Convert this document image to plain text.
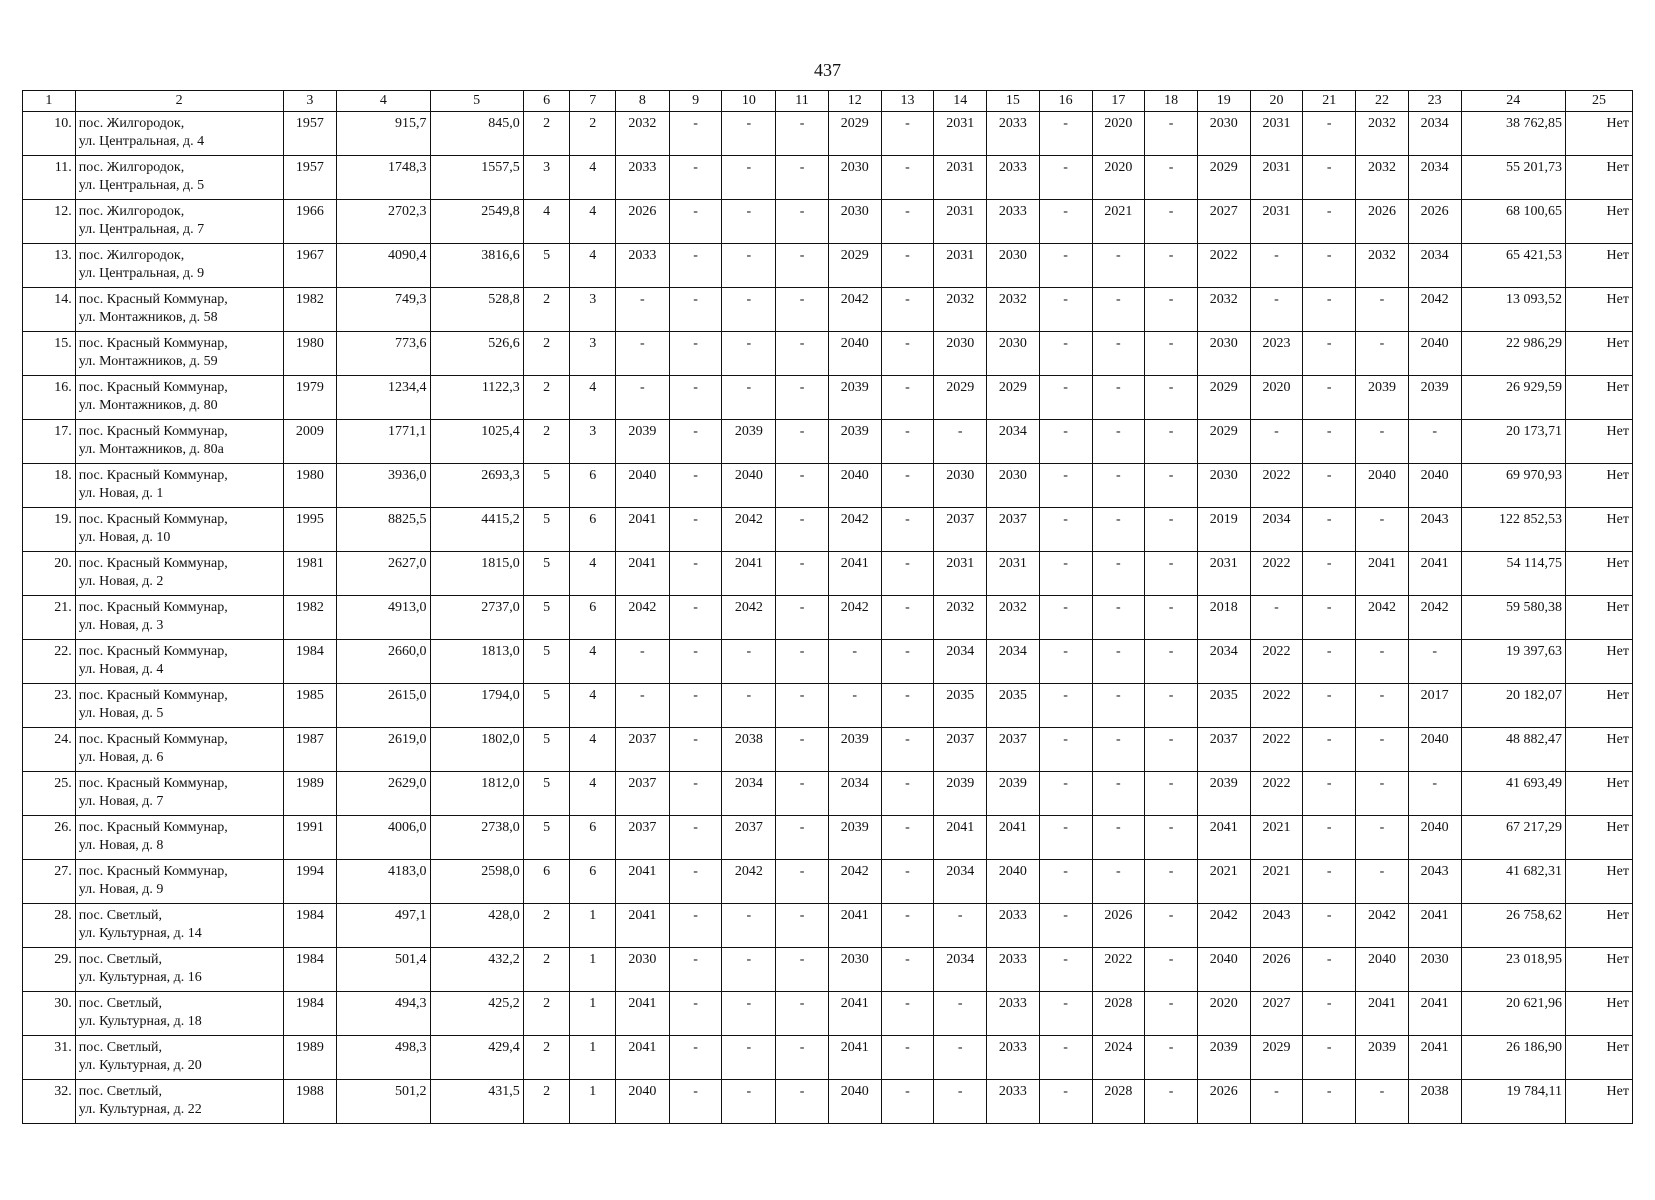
437
1	2	3	4	5	6	7	8	9	10	11	12	13	14	15	16	17	18	19	20	21	22	23	24	25
10.	пос. Жилгородок,
ул. Центральная, д. 4	1957	915,7	845,0	2	2	2032	-	-	-	2029	-	2031	2033	-	2020	-	2030	2031	-	2032	2034	38 762,85	Нет
11.	пос. Жилгородок,
ул. Центральная, д. 5	1957	1748,3	1557,5	3	4	2033	-	-	-	2030	-	2031	2033	-	2020	-	2029	2031	-	2032	2034	55 201,73	Нет
12.	пос. Жилгородок,
ул. Центральная, д. 7	1966	2702,3	2549,8	4	4	2026	-	-	-	2030	-	2031	2033	-	2021	-	2027	2031	-	2026	2026	68 100,65	Нет
13.	пос. Жилгородок,
ул. Центральная, д. 9	1967	4090,4	3816,6	5	4	2033	-	-	-	2029	-	2031	2030	-	-	-	2022	-	-	2032	2034	65 421,53	Нет
14.	пос. Красный Коммунар,
ул. Монтажников, д. 58	1982	749,3	528,8	2	3	-	-	-	-	2042	-	2032	2032	-	-	-	2032	-	-	-	2042	13 093,52	Нет
15.	пос. Красный Коммунар,
ул. Монтажников, д. 59	1980	773,6	526,6	2	3	-	-	-	-	2040	-	2030	2030	-	-	-	2030	2023	-	-	2040	22 986,29	Нет
16.	пос. Красный Коммунар,
ул. Монтажников, д. 80	1979	1234,4	1122,3	2	4	-	-	-	-	2039	-	2029	2029	-	-	-	2029	2020	-	2039	2039	26 929,59	Нет
17.	пос. Красный Коммунар,
ул. Монтажников, д. 80а	2009	1771,1	1025,4	2	3	2039	-	2039	-	2039	-	-	2034	-	-	-	2029	-	-	-	-	20 173,71	Нет
18.	пос. Красный Коммунар,
ул. Новая, д. 1	1980	3936,0	2693,3	5	6	2040	-	2040	-	2040	-	2030	2030	-	-	-	2030	2022	-	2040	2040	69 970,93	Нет
19.	пос. Красный Коммунар,
ул. Новая, д. 10	1995	8825,5	4415,2	5	6	2041	-	2042	-	2042	-	2037	2037	-	-	-	2019	2034	-	-	2043	122 852,53	Нет
20.	пос. Красный Коммунар,
ул. Новая, д. 2	1981	2627,0	1815,0	5	4	2041	-	2041	-	2041	-	2031	2031	-	-	-	2031	2022	-	2041	2041	54 114,75	Нет
21.	пос. Красный Коммунар,
ул. Новая, д. 3	1982	4913,0	2737,0	5	6	2042	-	2042	-	2042	-	2032	2032	-	-	-	2018	-	-	2042	2042	59 580,38	Нет
22.	пос. Красный Коммунар,
ул. Новая, д. 4	1984	2660,0	1813,0	5	4	-	-	-	-	-	-	2034	2034	-	-	-	2034	2022	-	-	-	19 397,63	Нет
23.	пос. Красный Коммунар,
ул. Новая, д. 5	1985	2615,0	1794,0	5	4	-	-	-	-	-	-	2035	2035	-	-	-	2035	2022	-	-	2017	20 182,07	Нет
24.	пос. Красный Коммунар,
ул. Новая, д. 6	1987	2619,0	1802,0	5	4	2037	-	2038	-	2039	-	2037	2037	-	-	-	2037	2022	-	-	2040	48 882,47	Нет
25.	пос. Красный Коммунар,
ул. Новая, д. 7	1989	2629,0	1812,0	5	4	2037	-	2034	-	2034	-	2039	2039	-	-	-	2039	2022	-	-	-	41 693,49	Нет
26.	пос. Красный Коммунар,
ул. Новая, д. 8	1991	4006,0	2738,0	5	6	2037	-	2037	-	2039	-	2041	2041	-	-	-	2041	2021	-	-	2040	67 217,29	Нет
27.	пос. Красный Коммунар,
ул. Новая, д. 9	1994	4183,0	2598,0	6	6	2041	-	2042	-	2042	-	2034	2040	-	-	-	2021	2021	-	-	2043	41 682,31	Нет
28.	пос. Светлый,
ул. Культурная, д. 14	1984	497,1	428,0	2	1	2041	-	-	-	2041	-	-	2033	-	2026	-	2042	2043	-	2042	2041	26 758,62	Нет
29.	пос. Светлый,
ул. Культурная, д. 16	1984	501,4	432,2	2	1	2030	-	-	-	2030	-	2034	2033	-	2022	-	2040	2026	-	2040	2030	23 018,95	Нет
30.	пос. Светлый,
ул. Культурная, д. 18	1984	494,3	425,2	2	1	2041	-	-	-	2041	-	-	2033	-	2028	-	2020	2027	-	2041	2041	20 621,96	Нет
31.	пос. Светлый,
ул. Культурная, д. 20	1989	498,3	429,4	2	1	2041	-	-	-	2041	-	-	2033	-	2024	-	2039	2029	-	2039	2041	26 186,90	Нет
32.	пос. Светлый,
ул. Культурная, д. 22	1988	501,2	431,5	2	1	2040	-	-	-	2040	-	-	2033	-	2028	-	2026	-	-	-	2038	19 784,11	Нет
